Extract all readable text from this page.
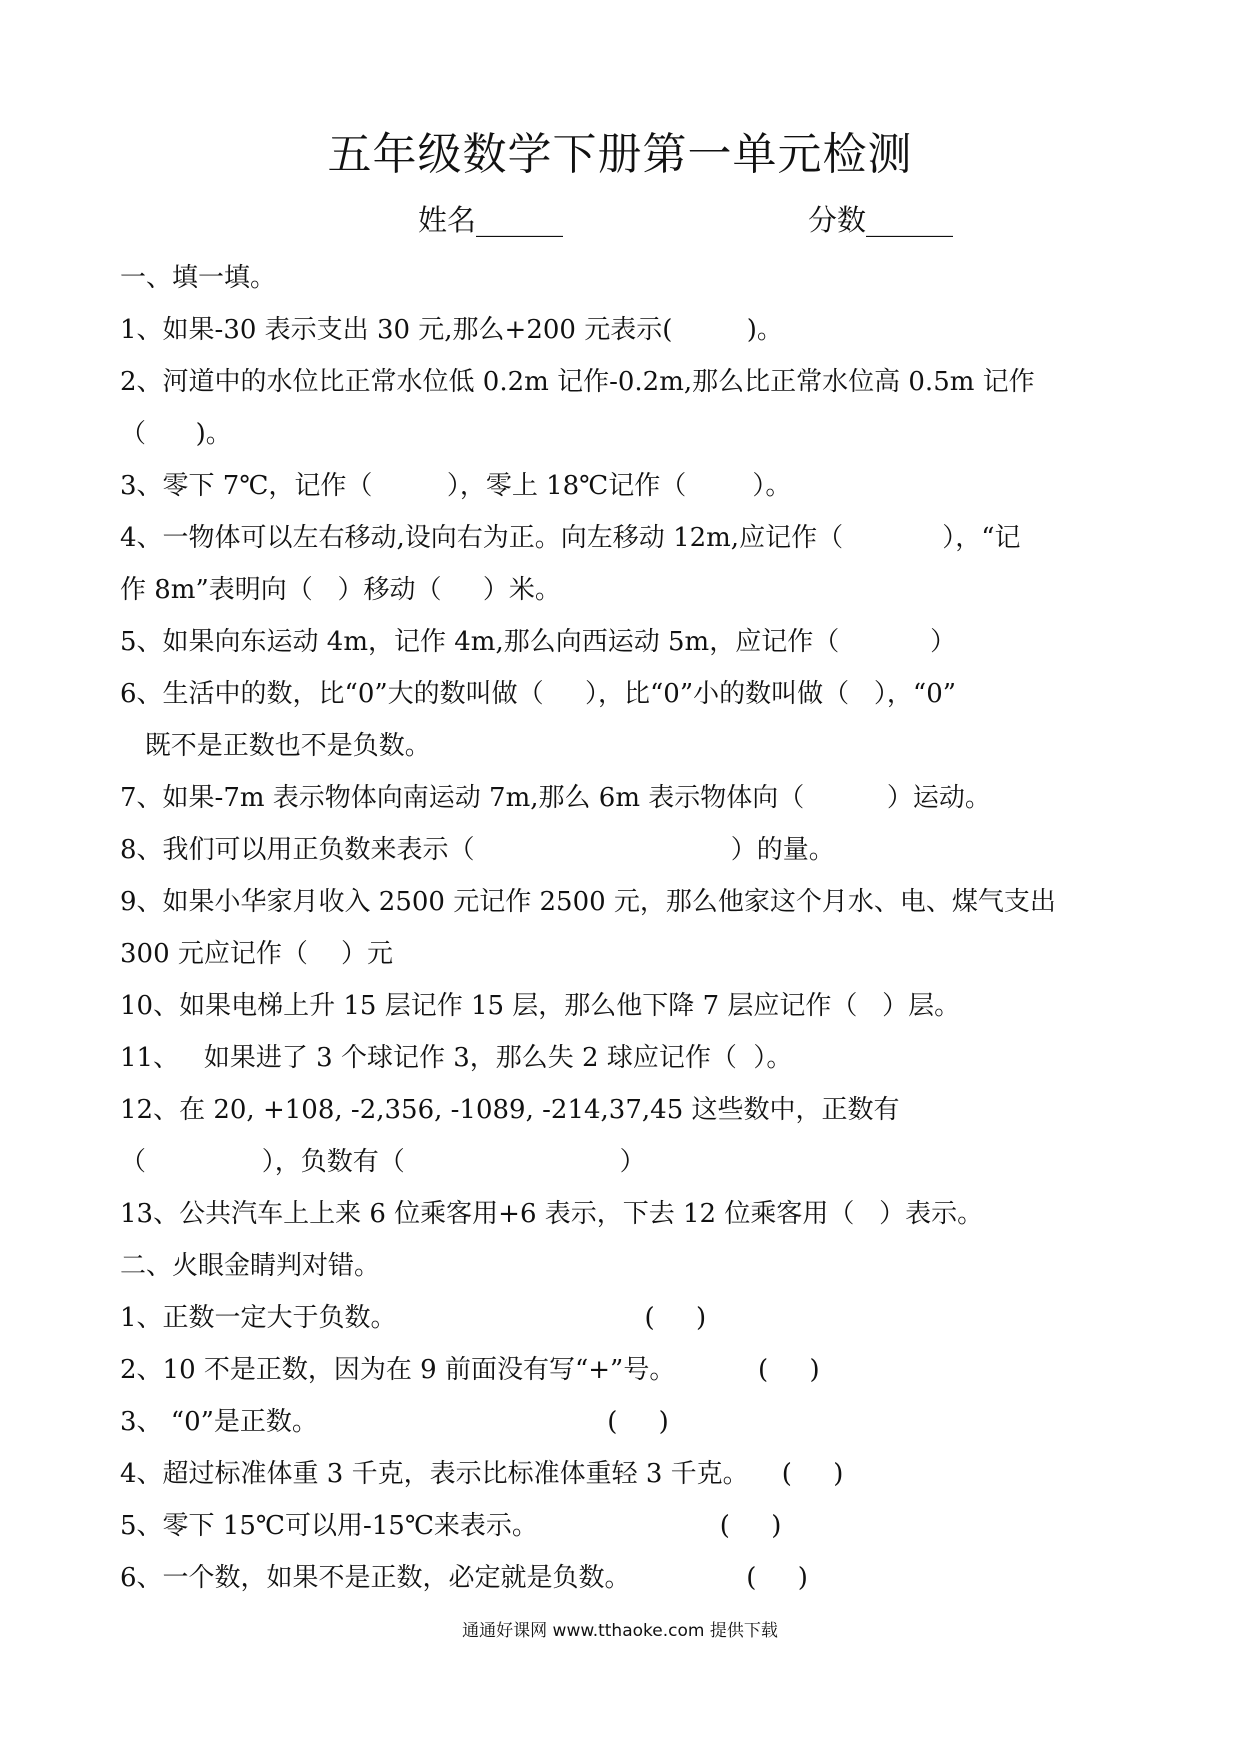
五年级数学下册第一单元检测
姓名______	分数______
一、填一填。
1、如果-30 表示支出 30 元,那么+200 元表示(         )。
2、河道中的水位比正常水位低 0.2m 记作-0.2m,那么比正常水位高 0.5m 记作
（      )。
3、零下 7℃，记作（         ），零上 18℃记作（        ）。
4、一物体可以左右移动,设向右为正。向左移动 12m,应记作（            ），“记
作 8m”表明向（   ）移动（     ）米。
5、如果向东运动 4m，记作 4m,那么向西运动 5m，应记作（           ）
6、生活中的数，比“0”大的数叫做（     ），比“0”小的数叫做（   ），“0”
既不是正数也不是负数。
7、如果-7m 表示物体向南运动 7m,那么 6m 表示物体向（          ）运动。
8、我们可以用正负数来表示（                               ）的量。
9、如果小华家月收入 2500 元记作 2500 元，那么他家这个月水、电、煤气支出
300 元应记作（    ）元
10、如果电梯上升 15 层记作 15 层，那么他下降 7 层应记作（   ）层。
11、   如果进了 3 个球记作 3，那么失 2 球应记作（  ）。
12、在 20, +108, -2,356, -1089, -214,37,45 这些数中，正数有
（              ），负数有（                          ）
13、公共汽车上上来 6 位乘客用+6 表示，下去 12 位乘客用（   ）表示。
二、火眼金睛判对错。
1、正数一定大于负数。                              (     )
2、10 不是正数，因为在 9 前面没有写“+”号。          (     )
3、 “0”是正数。                                   (     )
4、超过标准体重 3 千克，表示比标准体重轻 3 千克。    (     )
5、零下 15℃可以用-15℃来表示。                      (     )
6、一个数，如果不是正数，必定就是负数。              (     )
通通好课网 www.tthaoke.com 提供下载
